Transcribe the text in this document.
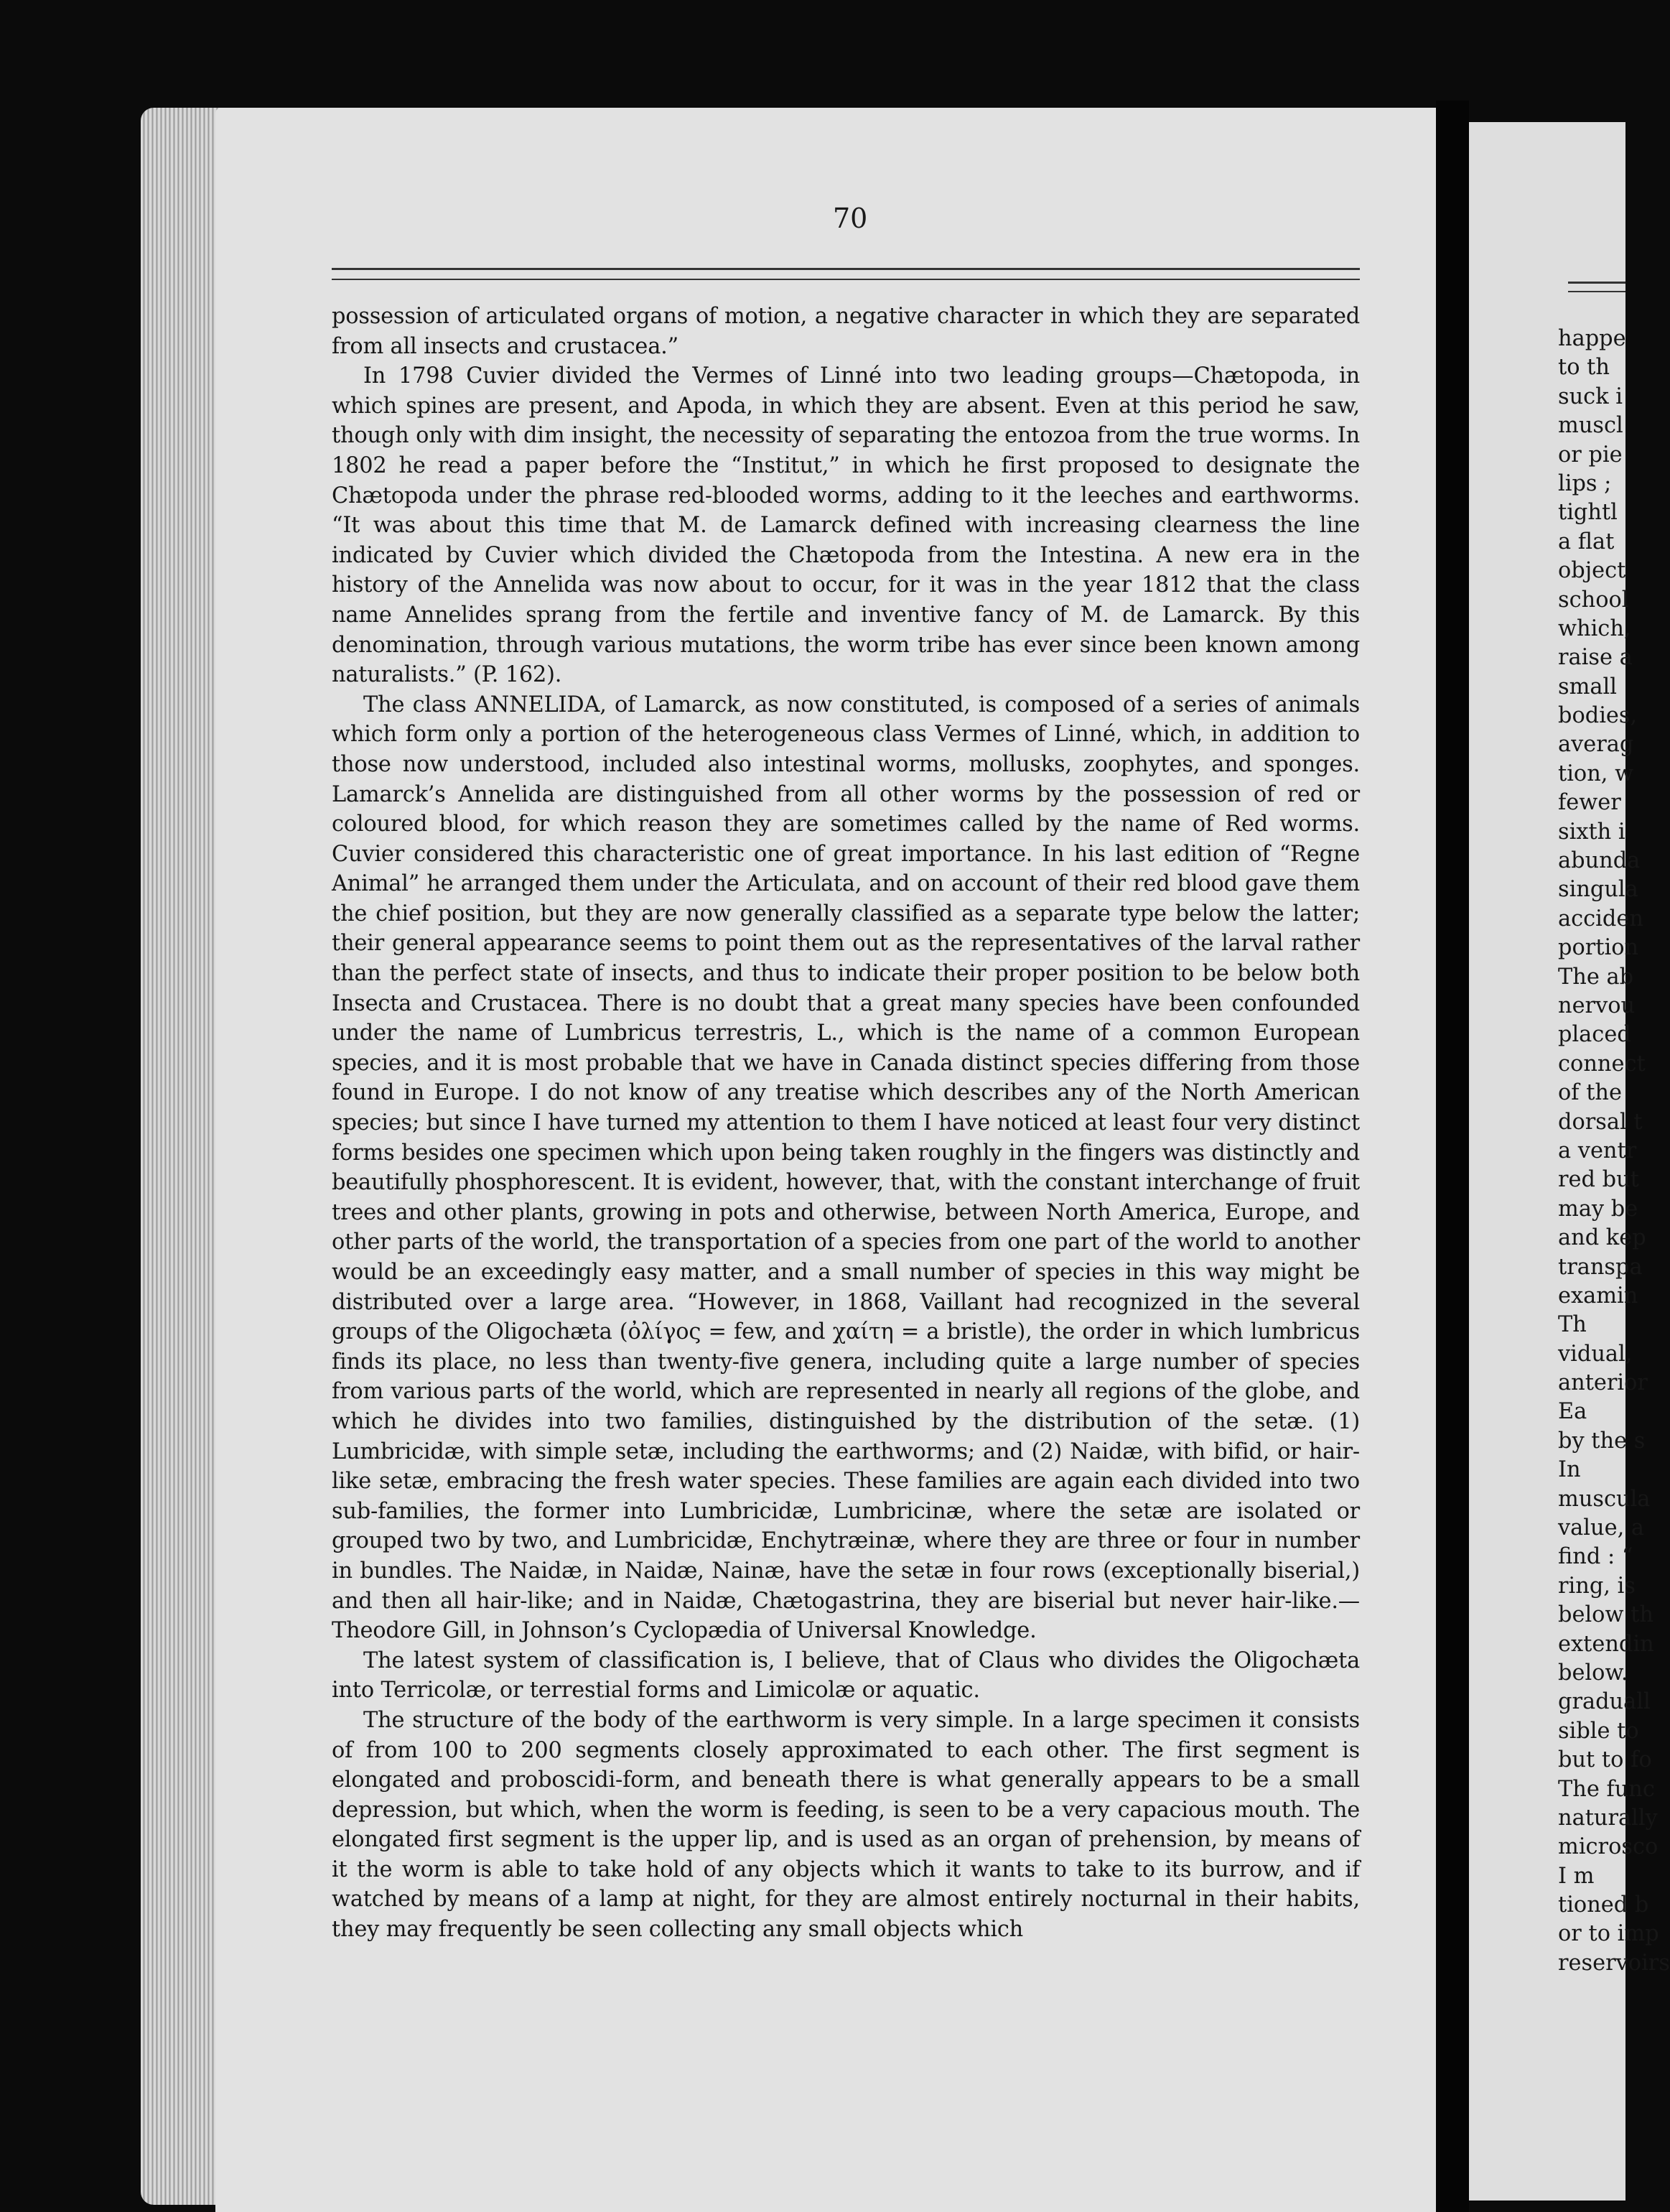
70

possession of articulated organs of motion, a negative character in which they are separated from all insects and crustacea.”

In 1798 Cuvier divided the Vermes of Linné into two leading groups—Chætopoda, in which spines are present, and Apoda, in which they are absent. Even at this period he saw, though only with dim insight, the necessity of separating the entozoa from the true worms. In 1802 he read a paper before the “Institut,” in which he first proposed to designate the Chætopoda under the phrase red-blooded worms, adding to it the leeches and earthworms. “It was about this time that M. de Lamarck defined with increasing clearness the line indicated by Cuvier which divided the Chætopoda from the Intestina. A new era in the history of the Annelida was now about to occur, for it was in the year 1812 that the class name Annelides sprang from the fertile and inventive fancy of M. de Lamarck. By this denomination, through various mutations, the worm tribe has ever since been known among naturalists.” (P. 162).

The class ANNELIDA, of Lamarck, as now constituted, is composed of a series of animals which form only a portion of the heterogeneous class Vermes of Linné, which, in addition to those now understood, included also intestinal worms, mollusks, zoophytes, and sponges. Lamarck’s Annelida are distinguished from all other worms by the possession of red or coloured blood, for which reason they are sometimes called by the name of Red worms. Cuvier considered this characteristic one of great importance. In his last edition of “Regne Animal” he arranged them under the Articulata, and on account of their red blood gave them the chief position, but they are now generally classified as a separate type below the latter; their general appearance seems to point them out as the representatives of the larval rather than the perfect state of insects, and thus to indicate their proper position to be below both Insecta and Crustacea. There is no doubt that a great many species have been confounded under the name of Lumbricus terrestris, L., which is the name of a common European species, and it is most probable that we have in Canada distinct species differing from those found in Europe. I do not know of any treatise which describes any of the North American species; but since I have turned my attention to them I have noticed at least four very distinct forms besides one specimen which upon being taken roughly in the fingers was distinctly and beautifully phosphorescent. It is evident, however, that, with the constant interchange of fruit trees and other plants, growing in pots and otherwise, between North America, Europe, and other parts of the world, the transportation of a species from one part of the world to another would be an exceedingly easy matter, and a small number of species in this way might be distributed over a large area. “However, in 1868, Vaillant had recognized in the several groups of the Oligochæta (ὀλίγος = few, and χαίτη = a bristle), the order in which lumbricus finds its place, no less than twenty-five genera, including quite a large number of species from various parts of the world, which are represented in nearly all regions of the globe, and which he divides into two families, distinguished by the distribution of the setæ. (1) Lumbricidæ, with simple setæ, including the earthworms; and (2) Naidæ, with bifid, or hair-like setæ, embracing the fresh water species. These families are again each divided into two sub-families, the former into Lumbricidæ, Lumbricinæ, where the setæ are isolated or grouped two by two, and Lumbricidæ, Enchytræinæ, where they are three or four in number in bundles. The Naidæ, in Naidæ, Nainæ, have the setæ in four rows (exceptionally biserial,) and then all hair-like; and in Naidæ, Chætogastrina, they are biserial but never hair-like.—Theodore Gill, in Johnson’s Cyclopædia of Universal Knowledge.

The latest system of classification is, I believe, that of Claus who divides the Oligochæta into Terricolæ, or terrestial forms and Limicolæ or aquatic.

The structure of the body of the earthworm is very simple. In a large specimen it consists of from 100 to 200 segments closely approximated to each other. The first segment is elongated and proboscidi-form, and beneath there is what generally appears to be a small depression, but which, when the worm is feeding, is seen to be a very capacious mouth. The elongated first segment is the upper lip, and is used as an organ of prehension, by means of it the worm is able to take hold of any objects which it wants to take to its burrow, and if watched by means of a lamp at night, for they are almost entirely nocturnal in their habits, they may frequently be seen collecting any small objects which

happe
to th
suck i
muscl
or pie
lips ;
tightl
a flat
object
school
which,
raise a
small
bodies,
averag
tion, w
fewer
sixth i
abunda
singula
acciden
portion
The ab
nervou
placed
connect
of the
dorsal t
a ventr
red but
may be
and kep
transpa
examin
Th
vidual,
anterior
Ea
by the s
In
muscula
value, a
find : “
ring, is
below th
extendin
below.
graduall
sible to
but to fo
The func
naturally
microsco
I m
tioned b
or to imp
reservoirs
